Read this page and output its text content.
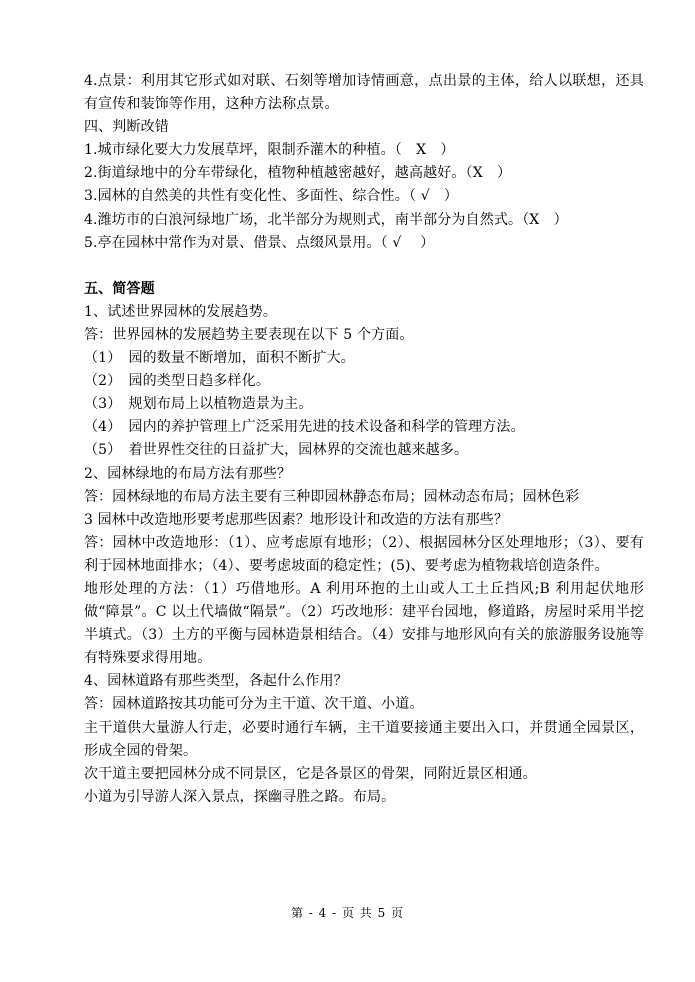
4.点景：利用其它形式如对联、石刻等增加诗情画意，点出景的主体，给人以联想，还具有宣传和装饰等作用，这种方法称点景。

四、判断改错

1.城市绿化要大力发展草坪，限制乔灌木的种植。（　X　）

2.街道绿地中的分车带绿化，植物种植越密越好，越高越好。（X　）

3.园林的自然美的共性有变化性、多面性、综合性。（ √　）

4.潍坊市的白浪河绿地广场，北半部分为规则式，南半部分为自然式。（X　）

5.亭在园林中常作为对景、借景、点缀风景用。（ √　 ）

五、简答题

1、试述世界园林的发展趋势。

答：世界园林的发展趋势主要表现在以下 5 个方面。

（1）　园的数量不断增加，面积不断扩大。

（2）　园的类型日趋多样化。

（3）　规划布局上以植物造景为主。

（4）　园内的养护管理上广泛采用先进的技术设备和科学的管理方法。

（5）　着世界性交往的日益扩大，园林界的交流也越来越多。

2、园林绿地的布局方法有那些？

答：园林绿地的布局方法主要有三种即园林静态布局；园林动态布局；园林色彩

3 园林中改造地形要考虑那些因素？地形设计和改造的方法有那些？

答：园林中改造地形：（1）、应考虑原有地形；（2）、根据园林分区处理地形；（3）、要有利于园林地面排水；（4）、要考虑坡面的稳定性；(5)、要考虑为植物栽培创造条件。

地形处理的方法：（1）巧借地形。A 利用环抱的土山或人工土丘挡风;B 利用起伏地形做“障景”。C 以土代墙做“隔景”。（2）巧改地形：建平台园地，修道路，房屋时采用半挖半填式。（3）土方的平衡与园林造景相结合。（4）安排与地形风向有关的旅游服务设施等有特殊要求得用地。

4、园林道路有那些类型，各起什么作用？

答：园林道路按其功能可分为主干道、次干道、小道。

主干道供大量游人行走，必要时通行车辆，主干道要接通主要出入口，并贯通全园景区，形成全园的骨架。

次干道主要把园林分成不同景区，它是各景区的骨架，同附近景区相通。

小道为引导游人深入景点，探幽寻胜之路。布局。

第 - 4 - 页 共 5 页
